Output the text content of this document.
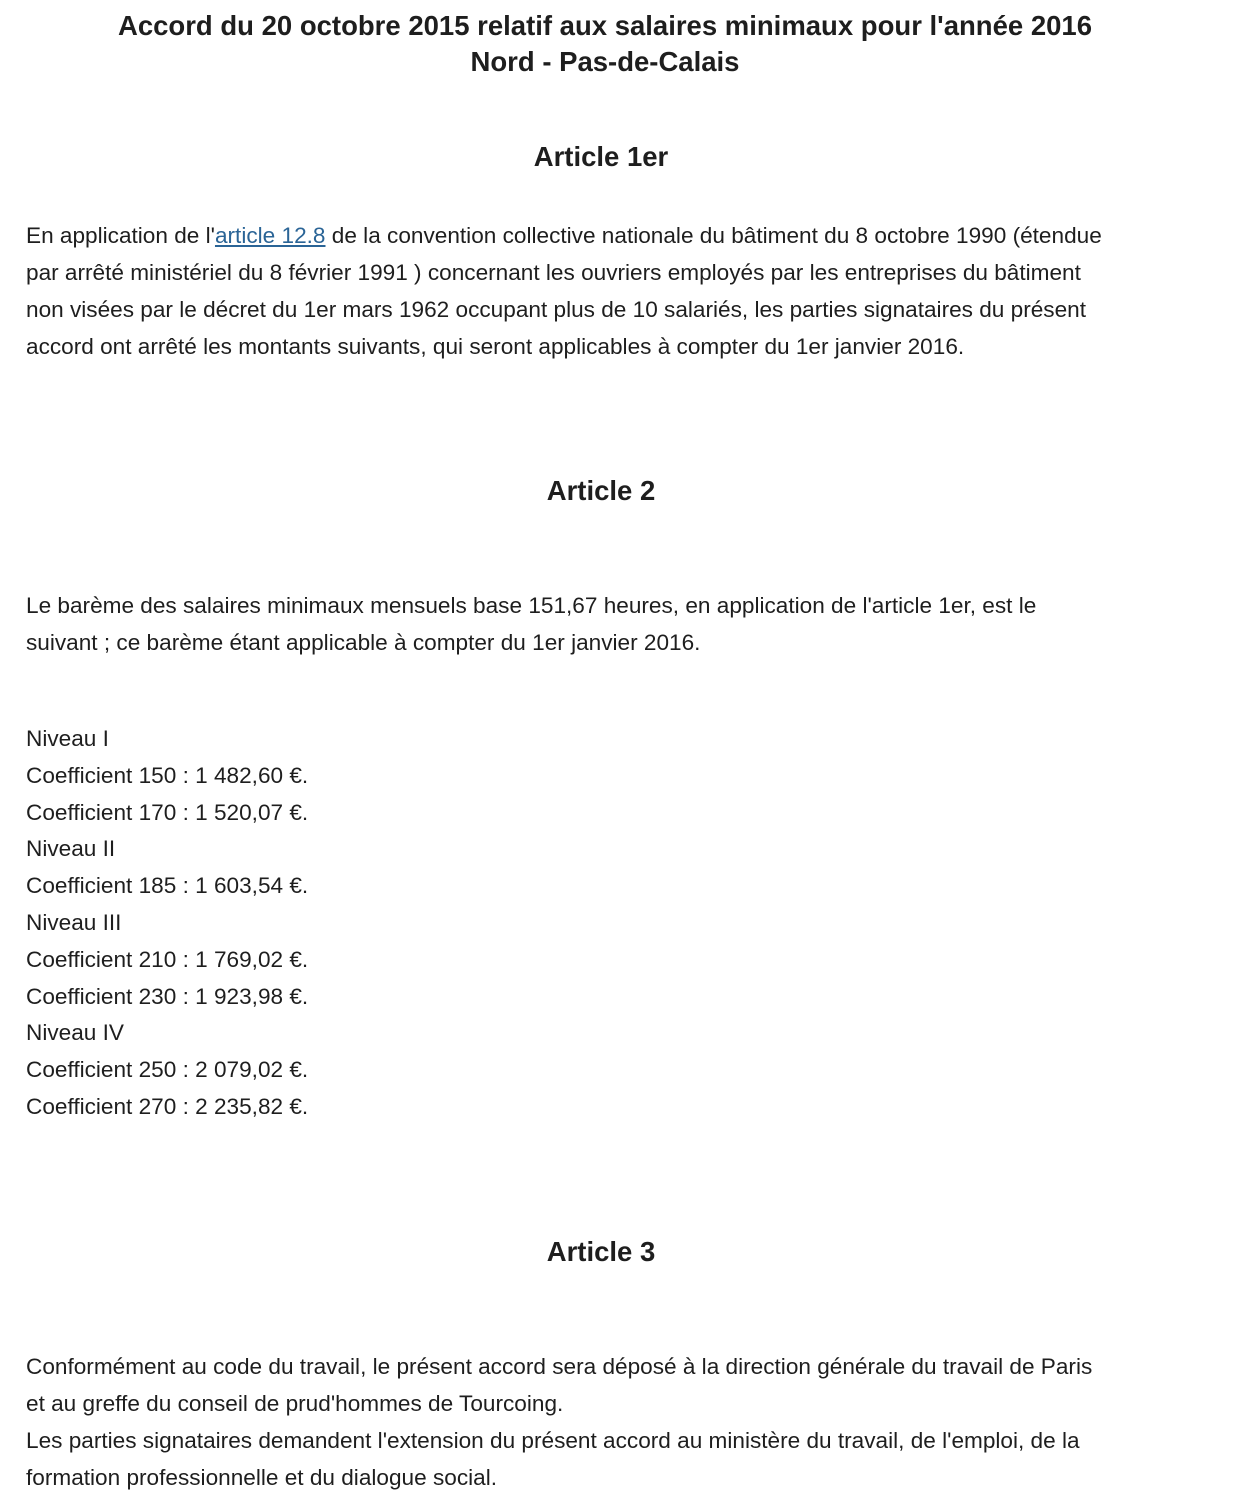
Accord du 20 octobre 2015 relatif aux salaires minimaux pour l'année 2016
Nord - Pas-de-Calais
Article 1er

En application de l'article 12.8 de la convention collective nationale du bâtiment du 8 octobre 1990 (étendue
par arrêté ministériel du 8 février 1991 ) concernant les ouvriers employés par les entreprises du bâtiment
non visées par le décret du 1er mars 1962 occupant plus de 10 salariés, les parties signataires du présent
accord ont arrêté les montants suivants, qui seront applicables à compter du 1er janvier 2016.

Article 2

Le barème des salaires minimaux mensuels base 151,67 heures, en application de l'article 1er, est le
suivant ; ce barème étant applicable à compter du 1er janvier 2016.

Niveau I
Coefficient 150 : 1 482,60 €.
Coefficient 170 : 1 520,07 €.
Niveau II
Coefficient 185 : 1 603,54 €.
Niveau III
Coefficient 210 : 1 769,02 €.
Coefficient 230 : 1 923,98 €.
Niveau IV
Coefficient 250 : 2 079,02 €.
Coefficient 270 : 2 235,82 €.
Article 3

Conformément au code du travail, le présent accord sera déposé à la direction générale du travail de Paris
et au greffe du conseil de prud'hommes de Tourcoing.
Les parties signataires demandent l'extension du présent accord au ministère du travail, de l'emploi, de la
formation professionnelle et du dialogue social.
